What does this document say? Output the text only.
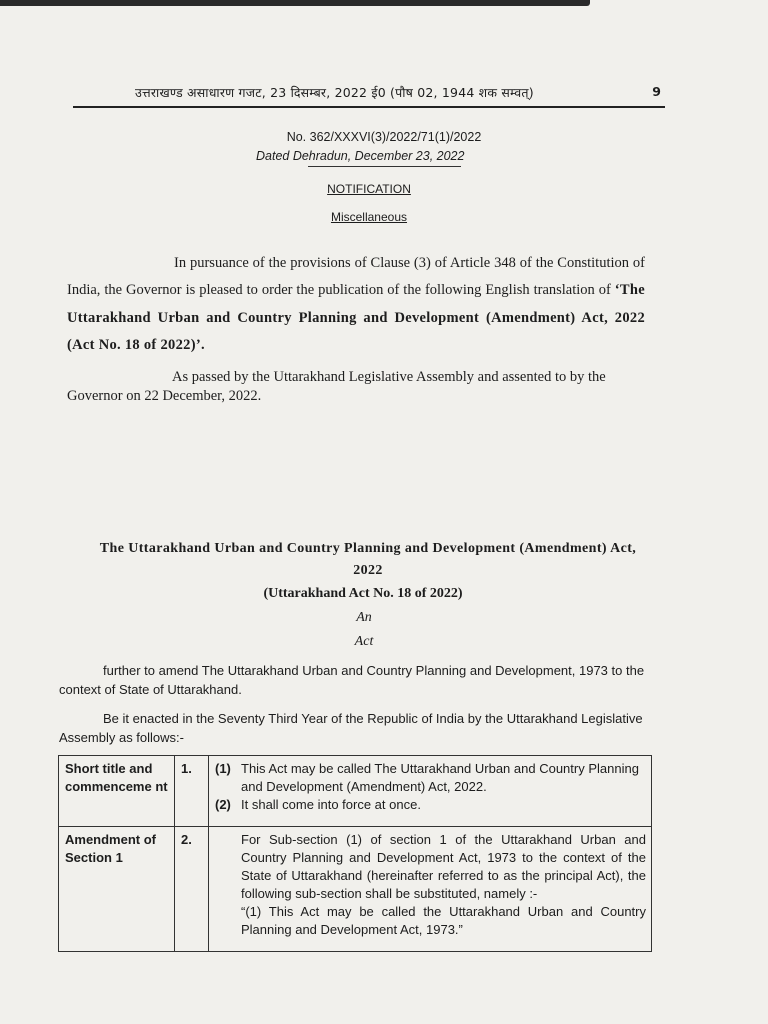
उत्तराखण्ड असाधारण गजट, 23 दिसम्बर, 2022 ई0 (पौष 02, 1944 शक सम्वत्)	9
No. 362/XXXVI(3)/2022/71(1)/2022
Dated Dehradun, December 23, 2022
NOTIFICATION
Miscellaneous
In pursuance of the provisions of Clause (3) of Article 348 of the Constitution of India, the Governor is pleased to order the publication of the following English translation of ‘The Uttarakhand Urban and Country Planning and Development (Amendment) Act, 2022 (Act No. 18 of 2022)’.
As passed by the Uttarakhand Legislative Assembly and assented to by the Governor on 22 December, 2022.
The Uttarakhand Urban and Country Planning and Development (Amendment) Act, 2022
(Uttarakhand Act No. 18 of 2022)
An
Act
further to amend The Uttarakhand Urban and Country Planning and Development, 1973 to the context of State of Uttarakhand.
Be it enacted in the Seventy Third Year of the Republic of India by the Uttarakhand Legislative Assembly as follows:-
Short title and commenceme nt	1.	(1) This Act may be called The Uttarakhand Urban and Country Planning and Development (Amendment) Act, 2022.
(2) It shall come into force at once.

Amendment of Section 1	2.	For Sub-section (1) of section 1 of the Uttarakhand Urban and Country Planning and Development Act, 1973 to the context of the State of Uttarakhand (hereinafter referred to as the principal Act), the following sub-section shall be substituted, namely :-
“(1) This Act may be called the Uttarakhand Urban and Country Planning and Development Act, 1973.”
